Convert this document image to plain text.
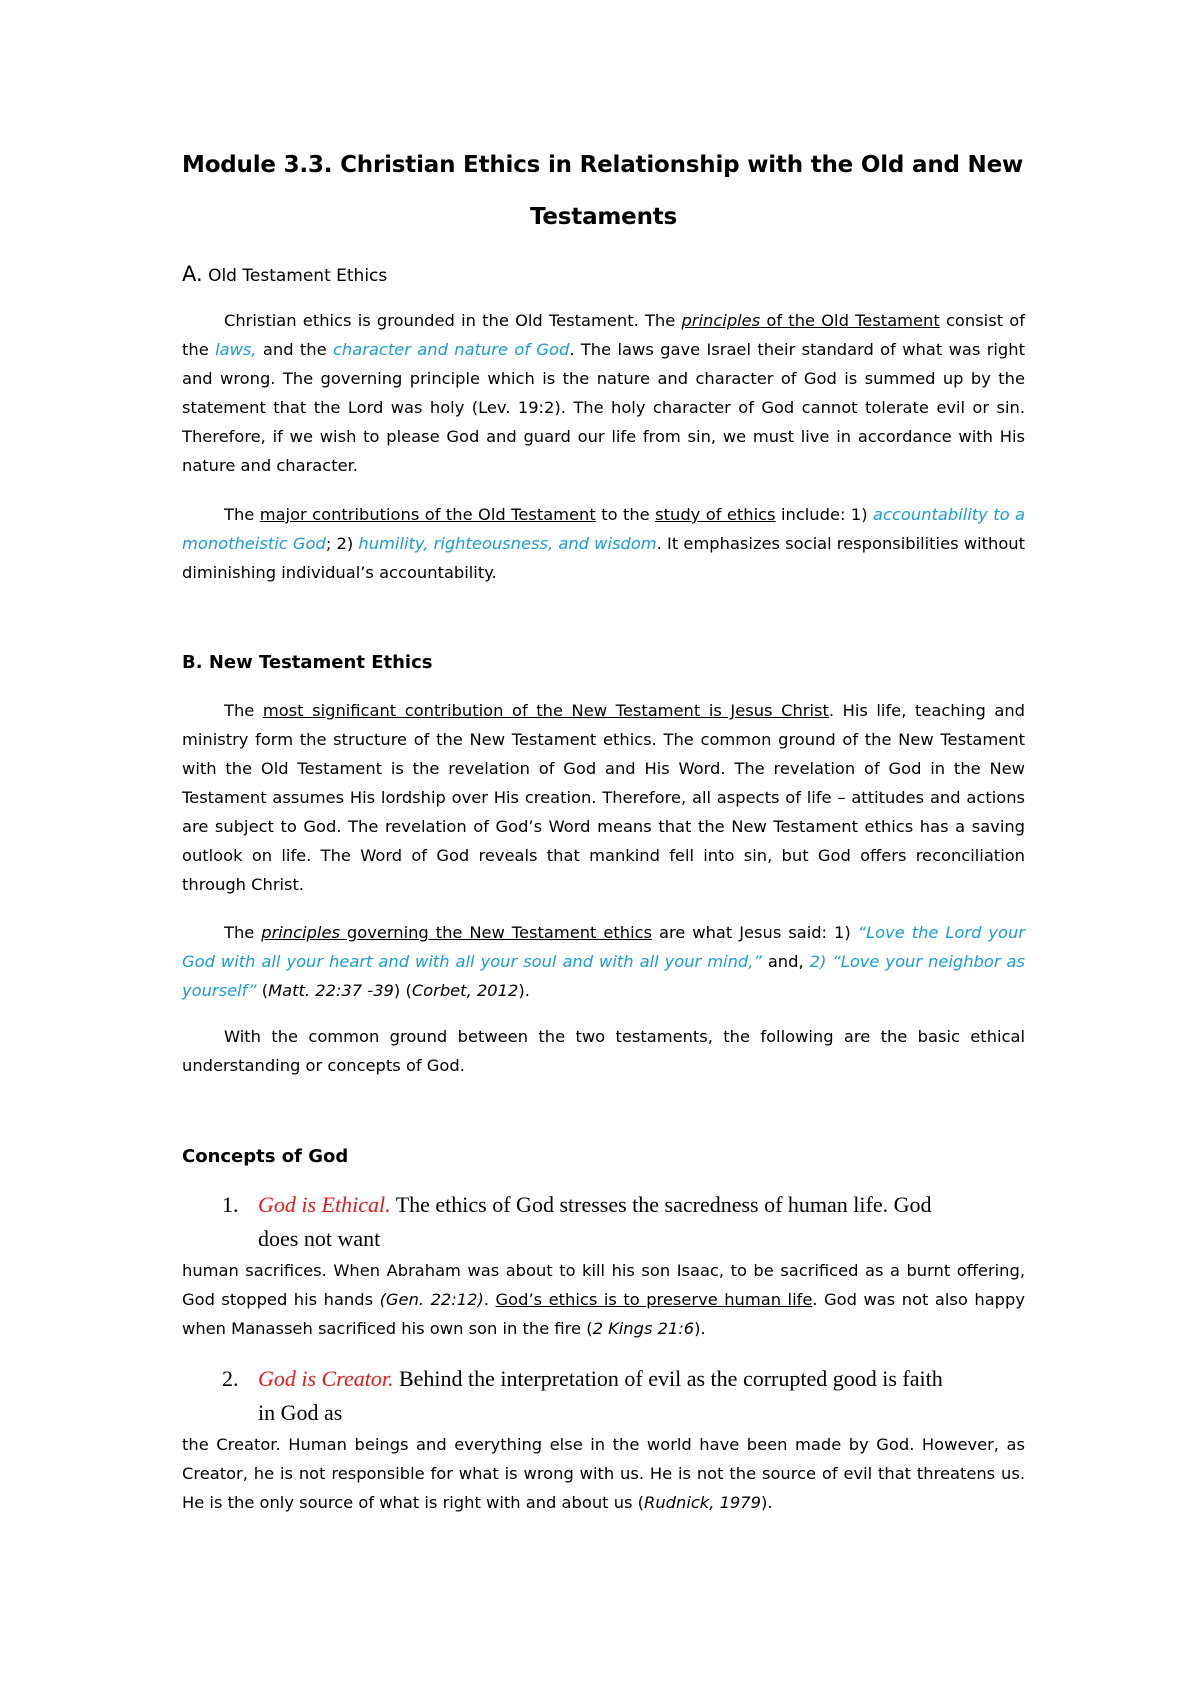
Module 3.3. Christian Ethics in Relationship with the Old and New
Testaments
A. Old Testament Ethics
Christian ethics is grounded in the Old Testament. The principles of the Old Testament consist of the laws, and the character and nature of God. The laws gave Israel their standard of what was right and wrong. The governing principle which is the nature and character of God is summed up by the statement that the Lord was holy (Lev. 19:2). The holy character of God cannot tolerate evil or sin. Therefore, if we wish to please God and guard our life from sin, we must live in accordance with His nature and character.
The major contributions of the Old Testament to the study of ethics include: 1) accountability to a monotheistic God; 2) humility, righteousness, and wisdom. It emphasizes social responsibilities without diminishing individual’s accountability.
B. New Testament Ethics
The most significant contribution of the New Testament is Jesus Christ. His life, teaching and ministry form the structure of the New Testament ethics. The common ground of the New Testament with the Old Testament is the revelation of God and His Word. The revelation of God in the New Testament assumes His lordship over His creation. Therefore, all aspects of life – attitudes and actions are subject to God. The revelation of God’s Word means that the New Testament ethics has a saving outlook on life. The Word of God reveals that mankind fell into sin, but God offers reconciliation through Christ.
The principles governing the New Testament ethics are what Jesus said: 1) “Love the Lord your God with all your heart and with all your soul and with all your mind,” and, 2) “Love your neighbor as yourself” (Matt. 22:37 -39) (Corbet, 2012).
With the common ground between the two testaments, the following are the basic ethical understanding or concepts of God.
Concepts of God
1. God is Ethical. The ethics of God stresses the sacredness of human life. God
does not want
human sacrifices. When Abraham was about to kill his son Isaac, to be sacrificed as a burnt offering, God stopped his hands (Gen. 22:12). God’s ethics is to preserve human life. God was not also happy when Manasseh sacrificed his own son in the fire (2 Kings 21:6).
2. God is Creator. Behind the interpretation of evil as the corrupted good is faith
in God as
the Creator. Human beings and everything else in the world have been made by God. However, as Creator, he is not responsible for what is wrong with us. He is not the source of evil that threatens us. He is the only source of what is right with and about us (Rudnick, 1979).
